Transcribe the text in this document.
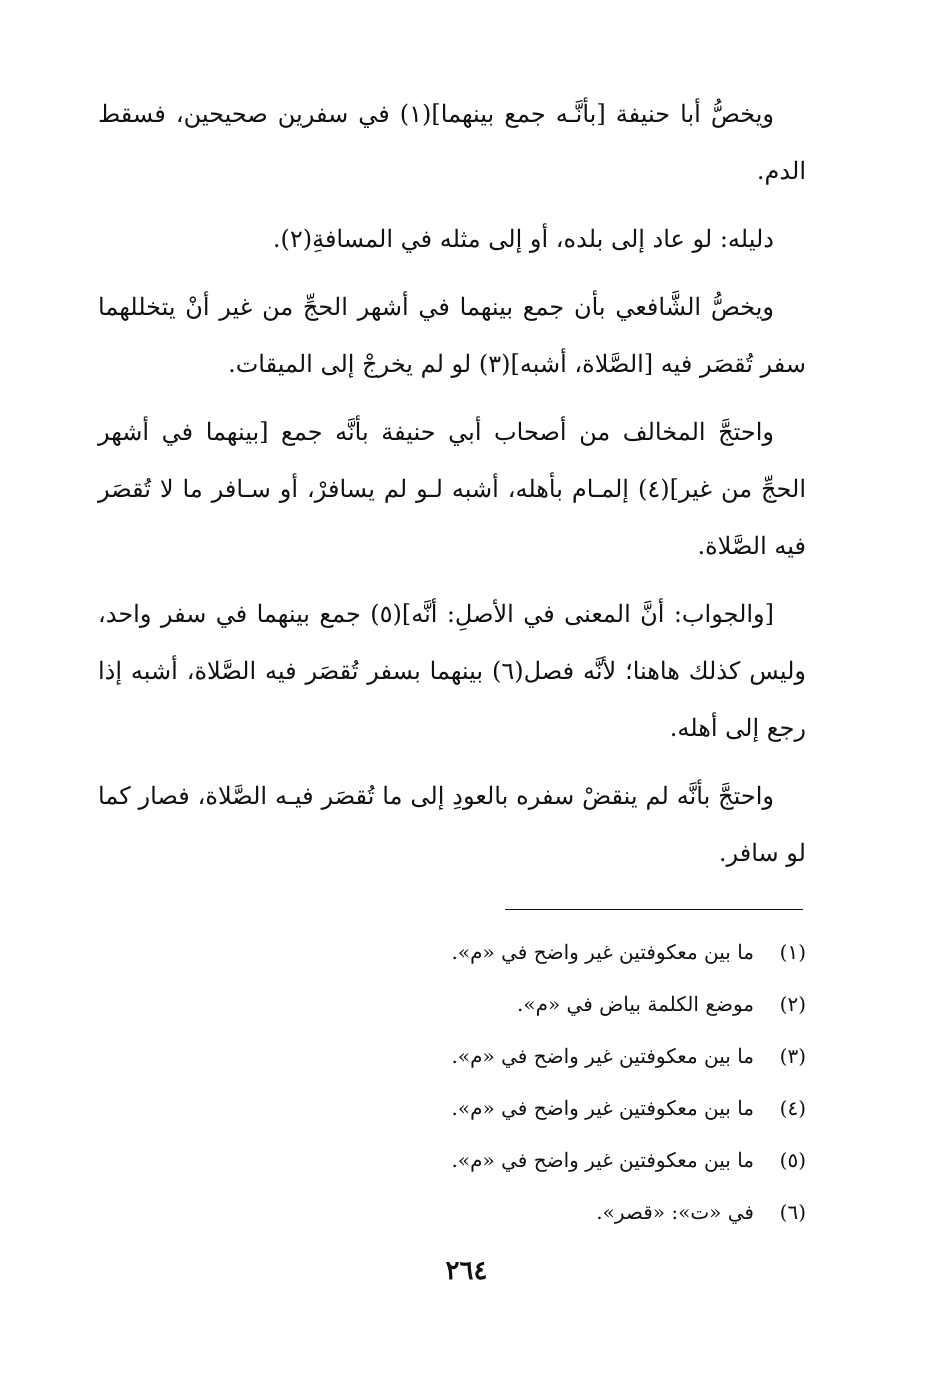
ويخصُّ أبا حنيفة [بأنَّـه جمع بينهما](١) في سفرين صحيحين، فسقط الدم.

دليله: لو عاد إلى بلده، أو إلى مثله في المسافةِ(٢).

ويخصُّ الشَّافعي بأن جمع بينهما في أشهر الحجِّ من غير أنْ يتخللهما سفر تُقصَر فيه [الصَّلاة، أشبه](٣) لو لم يخرجْ إلى الميقات.

واحتجَّ المخالف من أصحاب أبي حنيفة بأنَّه جمع [بينهما في أشهر الحجِّ من غير](٤) إلمـام بأهله، أشبه لـو لم يسافرْ، أو سـافر ما لا تُقصَر فيه الصَّلاة.

[والجواب: أنَّ المعنى في الأصلِ: أنَّه](٥) جمع بينهما في سفر واحد، وليس كذلك هاهنا؛ لأنَّه فصل(٦) بينهما بسفر تُقصَر فيه الصَّلاة، أشبه إذا رجع إلى أهله.

واحتجَّ بأنَّه لم ينقضْ سفره بالعودِ إلى ما تُقصَر فيـه الصَّلاة، فصار كما لو سافر.

(١)
ما بين معكوفتين غير واضح في «م».
(٢)
موضع الكلمة بياض في «م».
(٣)
ما بين معكوفتين غير واضح في «م».
(٤)
ما بين معكوفتين غير واضح في «م».
(٥)
ما بين معكوفتين غير واضح في «م».
(٦)
في «ت»: «قصر».
٢٦٤
